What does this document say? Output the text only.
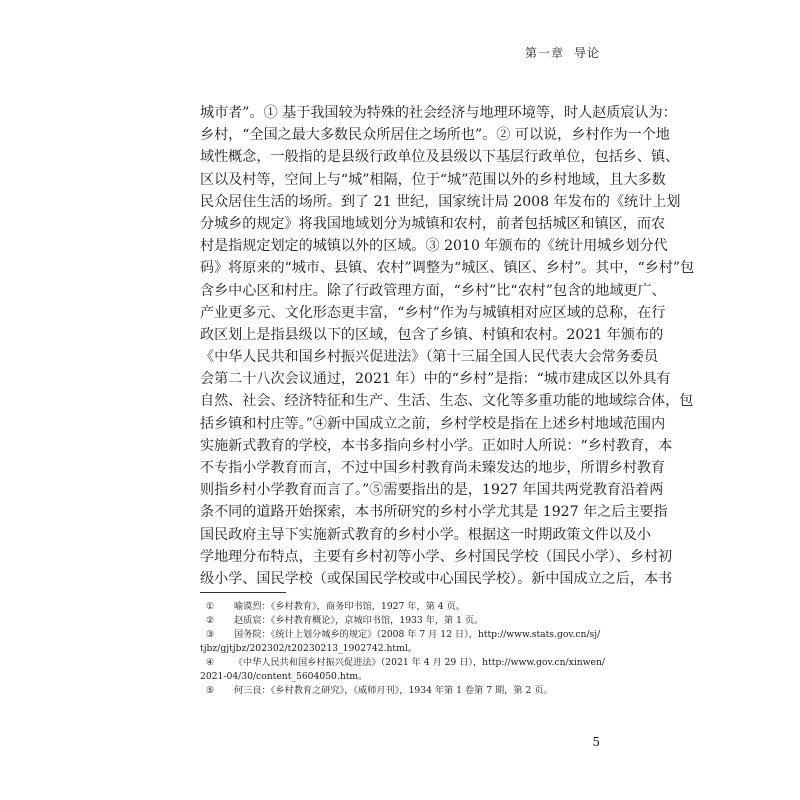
第一章 导论
城市者”。① 基于我国较为特殊的社会经济与地理环境等，时人赵质宸认为：
乡村，“全国之最大多数民众所居住之场所也”。② 可以说，乡村作为一个地
域性概念，一般指的是县级行政单位及县级以下基层行政单位，包括乡、镇、
区以及村等，空间上与“城”相隔，位于“城”范围以外的乡村地域，且大多数
民众居住生活的场所。到了 21 世纪，国家统计局 2008 年发布的《统计上划
分城乡的规定》将我国地域划分为城镇和农村，前者包括城区和镇区，而农
村是指规定划定的城镇以外的区域。③ 2010 年颁布的《统计用城乡划分代
码》将原来的“城市、县镇、农村”调整为“城区、镇区、乡村”。其中，“乡村”包
含乡中心区和村庄。除了行政管理方面，“乡村”比“农村”包含的地域更广、
产业更多元、文化形态更丰富，“乡村”作为与城镇相对应区域的总称，在行
政区划上是指县级以下的区域，包含了乡镇、村镇和农村。2021 年颁布的
《中华人民共和国乡村振兴促进法》（第十三届全国人民代表大会常务委员
会第二十八次会议通过，2021 年）中的“乡村”是指：“城市建成区以外具有
自然、社会、经济特征和生产、生活、生态、文化等多重功能的地域综合体，包
括乡镇和村庄等。”④新中国成立之前，乡村学校是指在上述乡村地域范围内
实施新式教育的学校，本书多指向乡村小学。正如时人所说：“乡村教育，本
不专指小学教育而言，不过中国乡村教育尚未臻发达的地步，所谓乡村教育
则指乡村小学教育而言了。”⑤需要指出的是，1927 年国共两党教育沿着两
条不同的道路开始探索，本书所研究的乡村小学尤其是 1927 年之后主要指
国民政府主导下实施新式教育的乡村小学。根据这一时期政策文件以及小
学地理分布特点，主要有乡村初等小学、乡村国民学校（国民小学）、乡村初
级小学、国民学校（或保国民学校或中心国民学校）。新中国成立之后，本书
①	喻谟烈：《乡村教育》，商务印书馆，1927 年，第 4 页。
②	赵质宸：《乡村教育概论》，京城印书馆，1933 年，第 1 页。
③	国务院：《统计上划分城乡的规定》（2008 年 7 月 12 日），http://www.stats.gov.cn/sj/
tjbz/gjtjbz/202302/t20230213_1902742.html。
④	《中华人民共和国乡村振兴促进法》（2021 年 4 月 29 日），http://www.gov.cn/xinwen/
2021-04/30/content_5604050.htm。
⑤	何三良：《乡村教育之研究》，《威师月刊》，1934 年第 1 卷第 7 期，第 2 页。
5
